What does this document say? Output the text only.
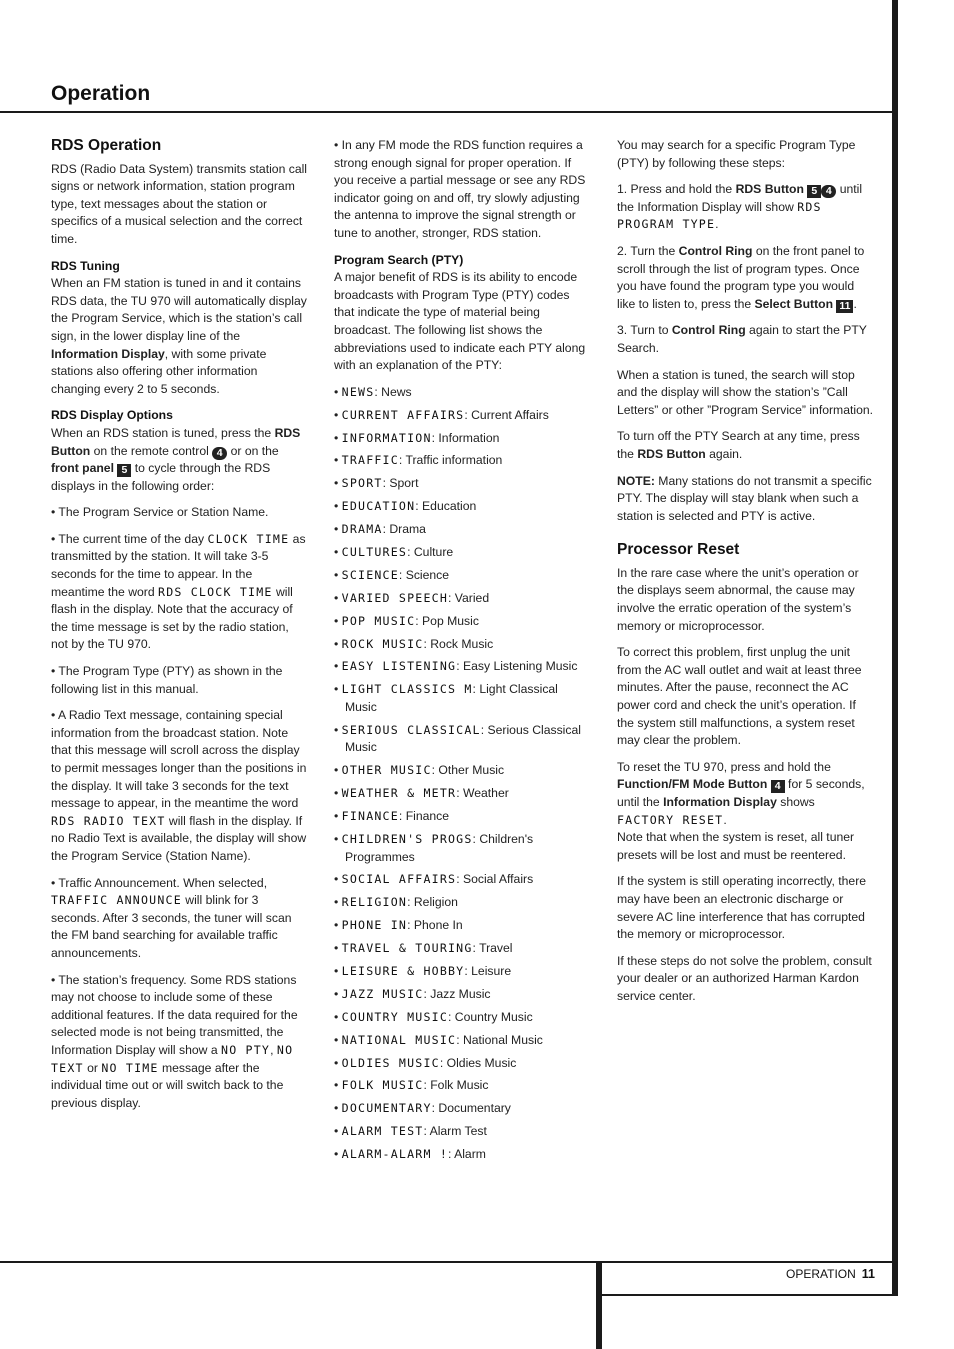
Operation
OPERATION 11
RDS Operation

RDS (Radio Data System) transmits station call signs or network information, station program type, text messages about the station or specifics of a musical selection and the correct time.

RDS Tuning

When an FM station is tuned in and it contains RDS data, the TU 970 will automatically display the Program Service, which is the station’s call sign, in the lower display line of the Information Display, with some private stations also offering other information changing every 2 to 5 seconds.

RDS Display Options

When an RDS station is tuned, press the RDS Button on the remote control 4 or on the front panel 5 to cycle through the RDS displays in the following order:

• The Program Service or Station Name.

• The current time of the day CLOCK TIME as transmitted by the station. It will take 3-5 seconds for the time to appear. In the meantime the word RDS CLOCK TIME will flash in the display. Note that the accuracy of the time message is set by the radio station, not by the TU 970.

• The Program Type (PTY) as shown in the following list in this manual.

• A Radio Text message, containing special information from the broadcast station. Note that this message will scroll across the display to permit messages longer than the positions in the display. It will take 3 seconds for the text message to appear, in the meantime the word RDS RADIO TEXT will flash in the display. If no Radio Text is available, the display will show the Program Service (Station Name).

• Traffic Announcement. When selected, TRAFFIC ANNOUNCE will blink for 3 seconds. After 3 seconds, the tuner will scan the FM band searching for available traffic announcements.

• The station’s frequency. Some RDS stations may not choose to include some of these additional features. If the data required for the selected mode is not being transmitted, the Information Display will show a NO PTY, NO TEXT or NO TIME message after the individual time out or will switch back to the previous display.

• In any FM mode the RDS function requires a strong enough signal for proper operation. If you receive a partial message or see any RDS indicator going on and off, try slowly adjusting the antenna to improve the signal strength or tune to another, stronger, RDS station.

Program Search (PTY)

A major benefit of RDS is its ability to encode broadcasts with Program Type (PTY) codes that indicate the type of material being broadcast. The following list shows the abbreviations used to indicate each PTY along with an explanation of the PTY:

• NEWS: News
• CURRENT AFFAIRS: Current Affairs
• INFORMATION: Information
• TRAFFIC: Traffic information
• SPORT: Sport
• EDUCATION: Education
• DRAMA: Drama
• CULTURES: Culture
• SCIENCE: Science
• VARIED SPEECH: Varied
• POP MUSIC: Pop Music
• ROCK MUSIC: Rock Music
• EASY LISTENING: Easy Listening Music
• LIGHT CLASSICS M: Light Classical Music
• SERIOUS CLASSICAL: Serious Classical Music
• OTHER MUSIC: Other Music
• WEATHER & METR: Weather
• FINANCE: Finance
• CHILDREN'S PROGS: Children's Programmes
• SOCIAL AFFAIRS: Social Affairs
• RELIGION: Religion
• PHONE IN: Phone In
• TRAVEL & TOURING: Travel
• LEISURE & HOBBY: Leisure
• JAZZ MUSIC: Jazz Music
• COUNTRY MUSIC: Country Music
• NATIONAL MUSIC: National Music
• OLDIES MUSIC: Oldies Music
• FOLK MUSIC: Folk Music
• DOCUMENTARY: Documentary
• ALARM TEST: Alarm Test
• ALARM-ALARM !: Alarm

You may search for a specific Program Type (PTY) by following these steps:

1. Press and hold the RDS Button 5 4 until the Information Display will show RDS PROGRAM TYPE.

2. Turn the Control Ring on the front panel to scroll through the list of program types. Once you have found the program type you would like to listen to, press the Select Button 11 .

3. Turn to Control Ring again to start the PTY Search.

When a station is tuned, the search will stop and the display will show the station’s ”Call Letters” or other ”Program Service” information.

To turn off the PTY Search at any time, press the RDS Button again.

NOTE: Many stations do not transmit a specific PTY. The display will stay blank when such a station is selected and PTY is active.

Processor Reset

In the rare case where the unit’s operation or the displays seem abnormal, the cause may involve the erratic operation of the system’s memory or microprocessor.

To correct this problem, first unplug the unit from the AC wall outlet and wait at least three minutes. After the pause, reconnect the AC power cord and check the unit’s operation. If the system still malfunctions, a system reset may clear the problem.

To reset the TU 970, press and hold the Function/FM Mode Button 4 for 5 seconds, until the Information Display shows FACTORY RESET.
Note that when the system is reset, all tuner presets will be lost and must be reentered.

If the system is still operating incorrectly, there may have been an electronic discharge or severe AC line interference that has corrupted the memory or microprocessor.

If these steps do not solve the problem, consult your dealer or an authorized Harman Kardon service center.
